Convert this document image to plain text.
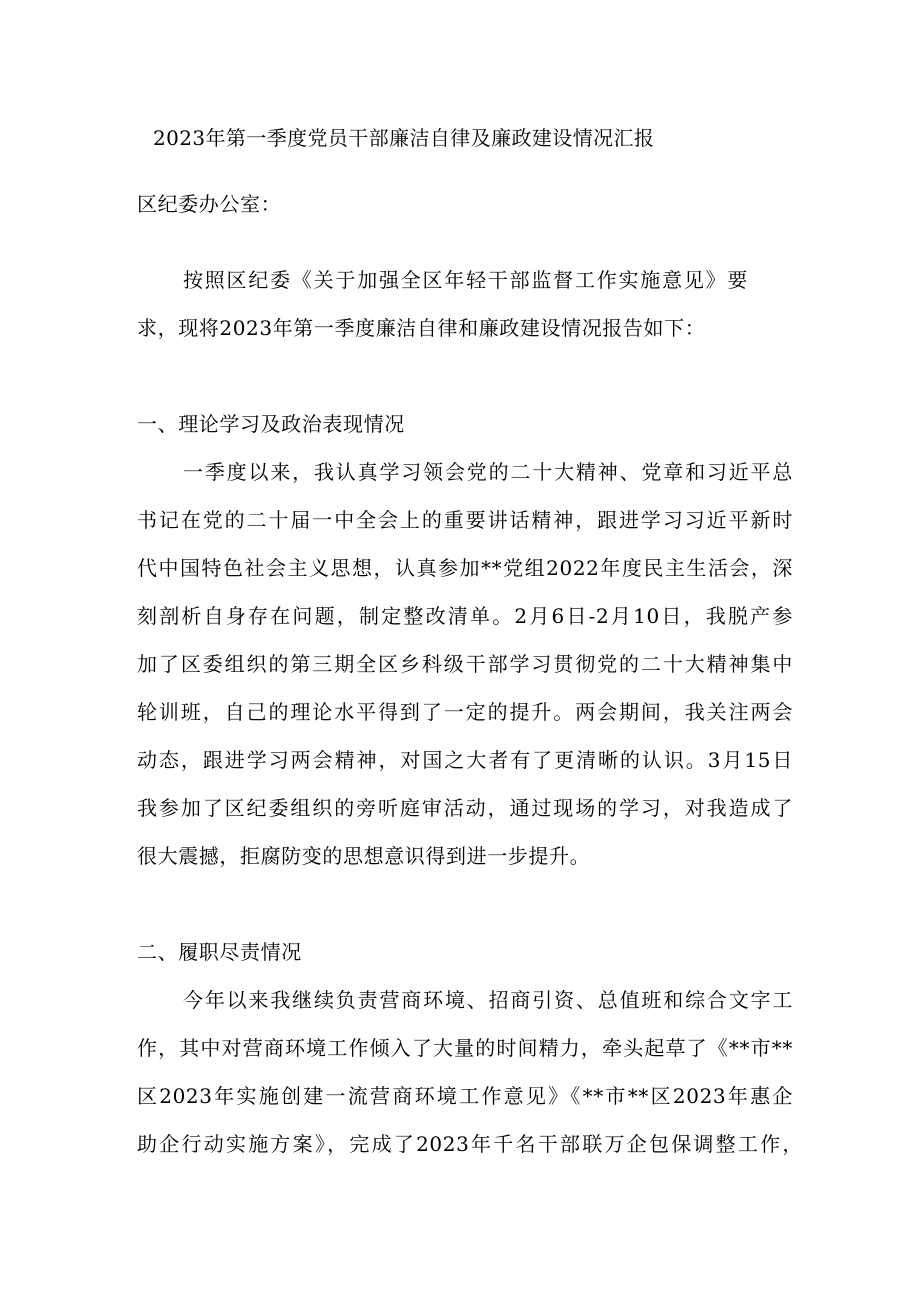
2023年第一季度党员干部廉洁自律及廉政建设情况汇报
区纪委办公室：
按照区纪委《关于加强全区年轻干部监督工作实施意见》要
求，现将2023年第一季度廉洁自律和廉政建设情况报告如下：
一、理论学习及政治表现情况
一季度以来，我认真学习领会党的二十大精神、党章和习近平总
书记在党的二十届一中全会上的重要讲话精神，跟进学习习近平新时
代中国特色社会主义思想，认真参加**党组2022年度民主生活会，深
刻剖析自身存在问题，制定整改清单。2月6日-2月10日，我脱产参
加了区委组织的第三期全区乡科级干部学习贯彻党的二十大精神集中
轮训班，自己的理论水平得到了一定的提升。两会期间，我关注两会
动态，跟进学习两会精神，对国之大者有了更清晰的认识。3月15日
我参加了区纪委组织的旁听庭审活动，通过现场的学习，对我造成了
很大震撼，拒腐防变的思想意识得到进一步提升。
二、履职尽责情况
今年以来我继续负责营商环境、招商引资、总值班和综合文字工
作，其中对营商环境工作倾入了大量的时间精力，牵头起草了《**市**
区2023年实施创建一流营商环境工作意见》《**市**区2023年惠企
助企行动实施方案》，完成了2023年千名干部联万企包保调整工作，
